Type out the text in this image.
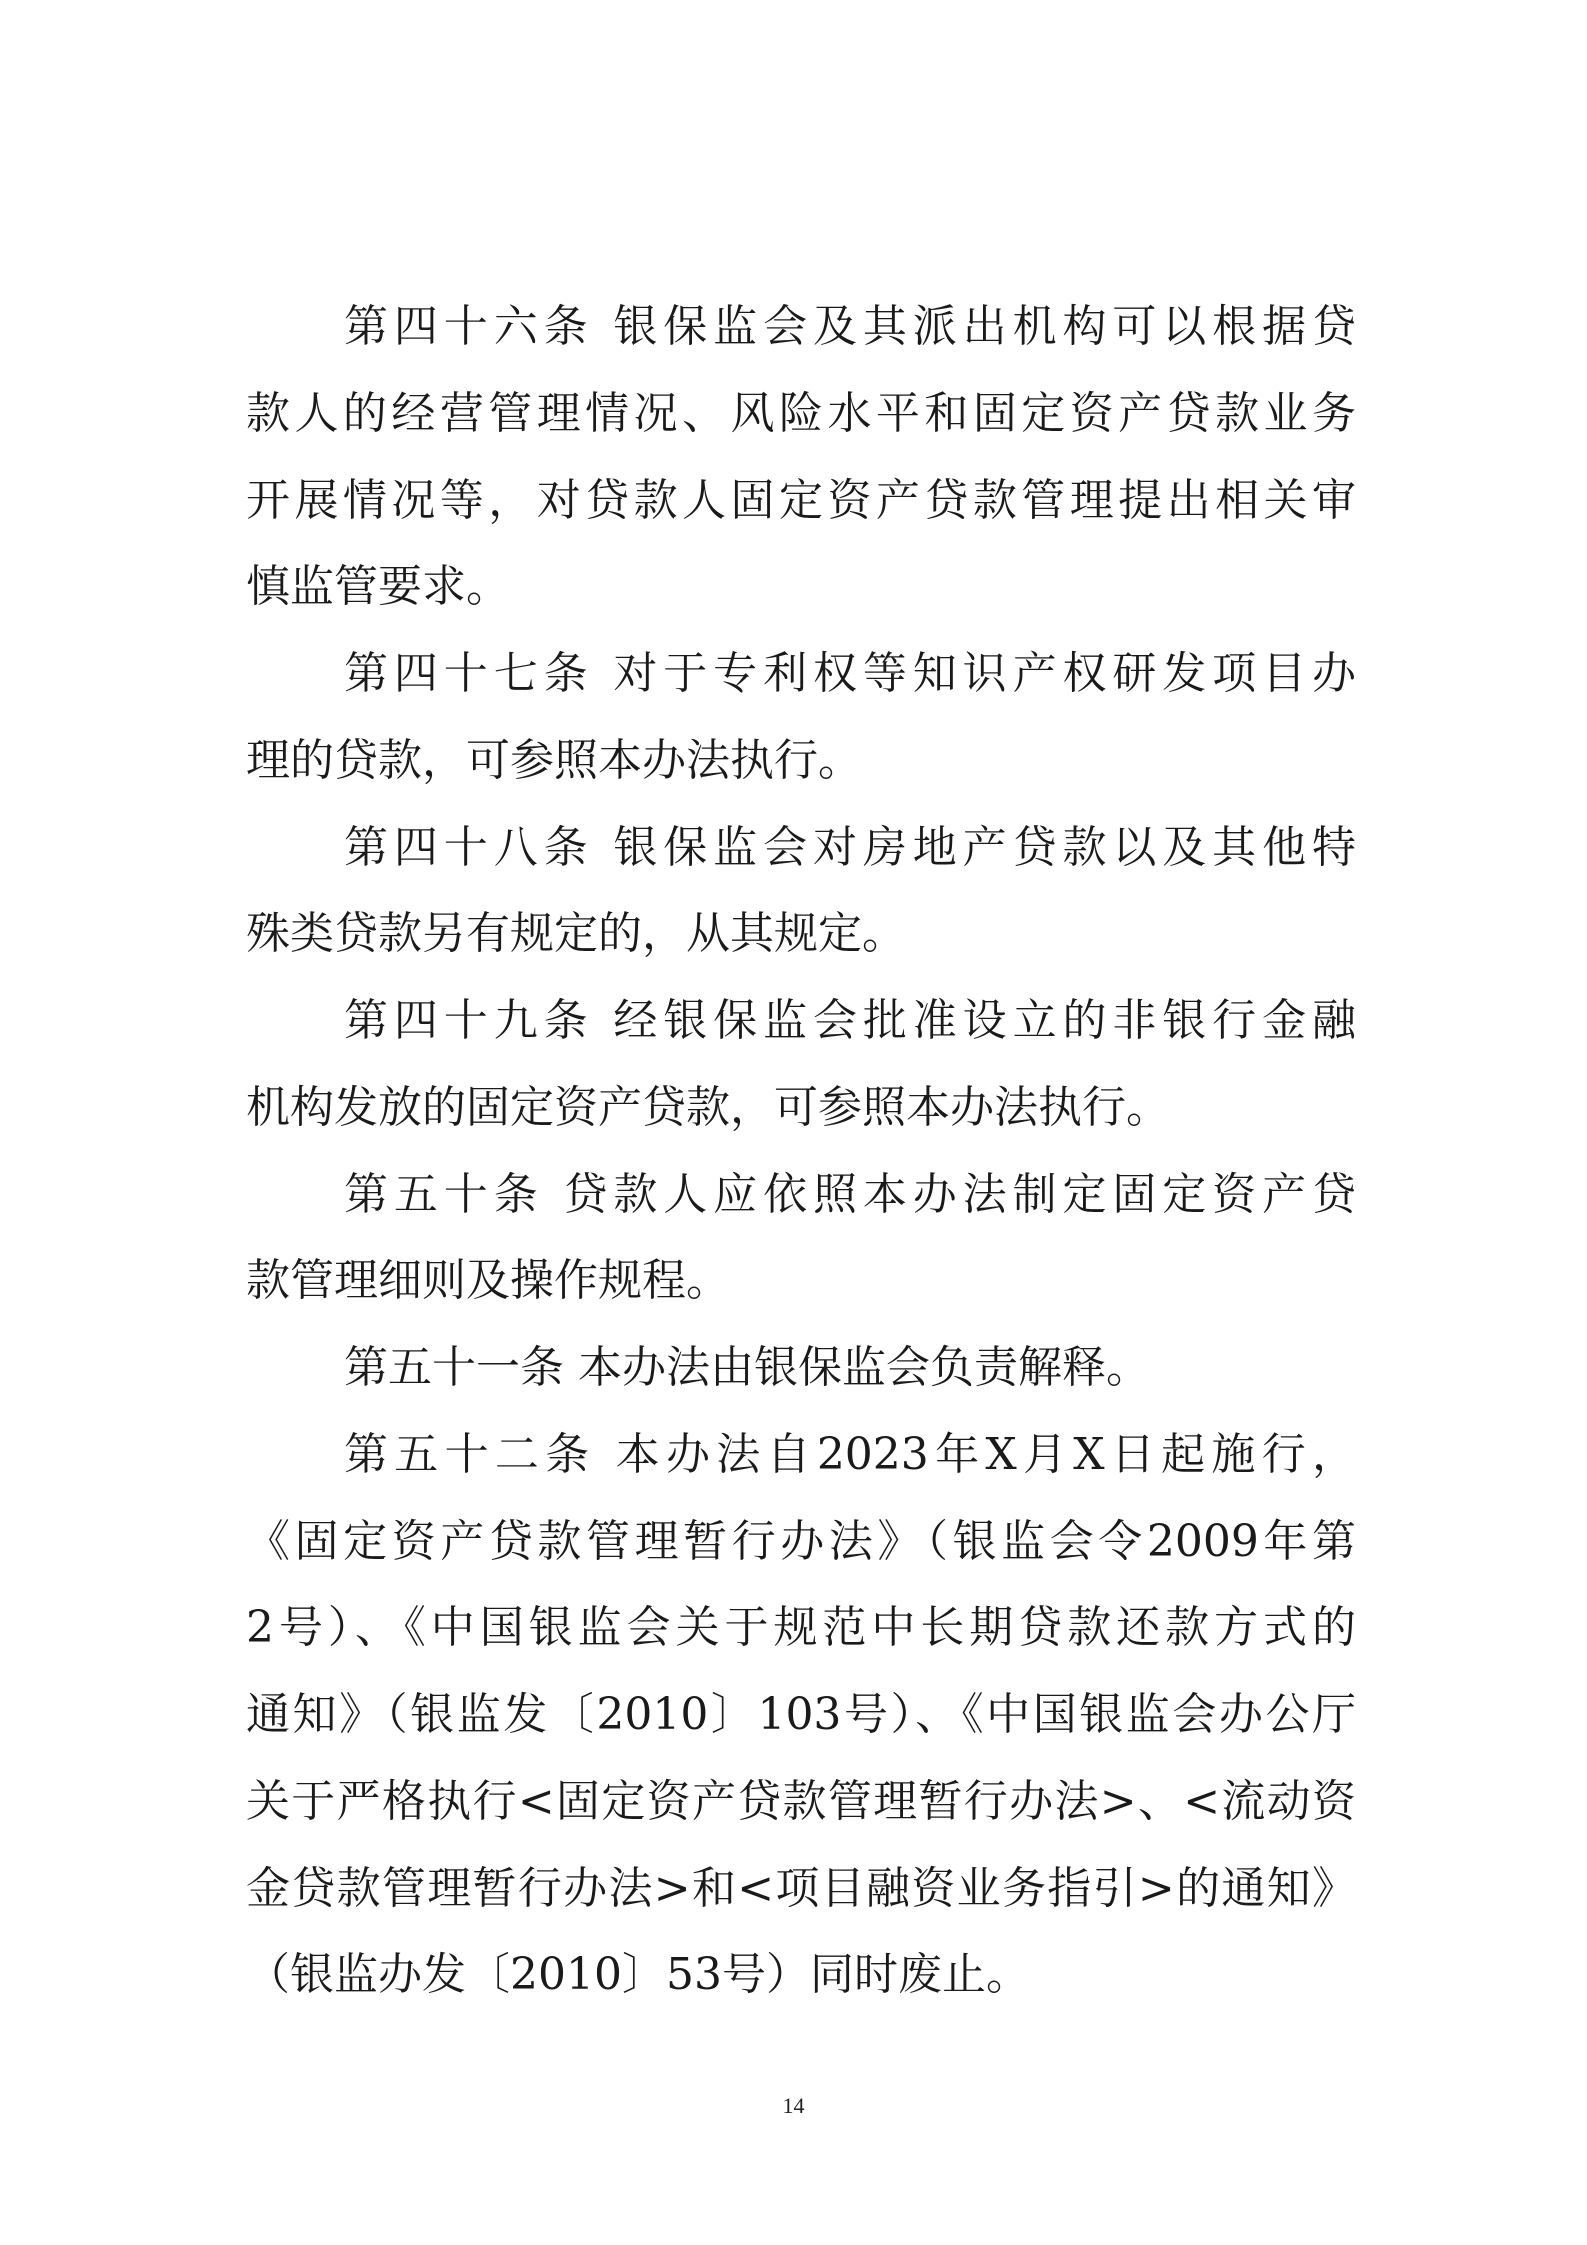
第四十六条 银保监会及其派出机构可以根据贷
款人的经营管理情况、风险水平和固定资产贷款业务
开展情况等，对贷款人固定资产贷款管理提出相关审
慎监管要求。
第四十七条 对于专利权等知识产权研发项目办
理的贷款，可参照本办法执行。
第四十八条 银保监会对房地产贷款以及其他特
殊类贷款另有规定的，从其规定。
第四十九条 经银保监会批准设立的非银行金融
机构发放的固定资产贷款，可参照本办法执行。
第五十条 贷款人应依照本办法制定固定资产贷
款管理细则及操作规程。
第五十一条 本办法由银保监会负责解释。
第五十二条 本办法自2023年X月X日起施行，
《固定资产贷款管理暂行办法》（银监会令2009年第
2号）、《中国银监会关于规范中长期贷款还款方式的
通知》（银监发〔2010〕103号）、《中国银监会办公厅
关于严格执行<固定资产贷款管理暂行办法>、<流动资
金贷款管理暂行办法>和<项目融资业务指引>的通知》
（银监办发〔2010〕53号）同时废止。
14
